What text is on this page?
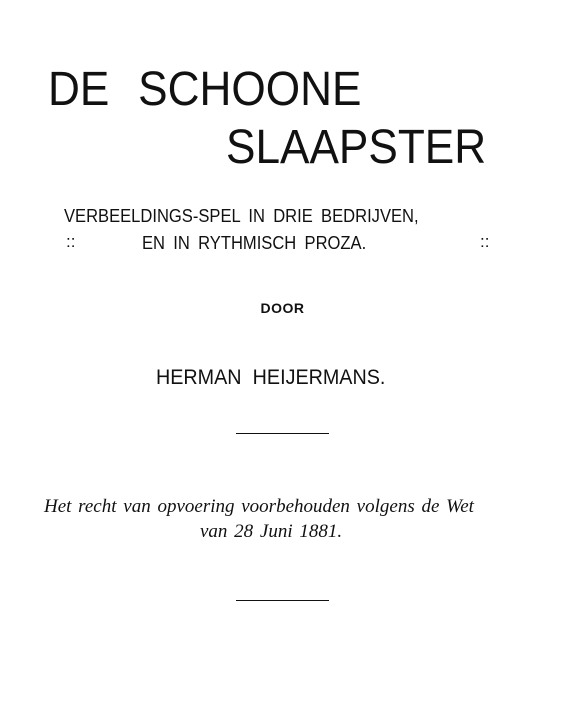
DE SCHOONE
SLAAPSTER
VERBEELDINGS-SPEL IN DRIE BEDRIJVEN,
::	EN IN RYTHMISCH PROZA.	::
DOOR
HERMAN HEIJERMANS.
Het recht van opvoering voorbehouden volgens de Wet
van 28 Juni 1881.
